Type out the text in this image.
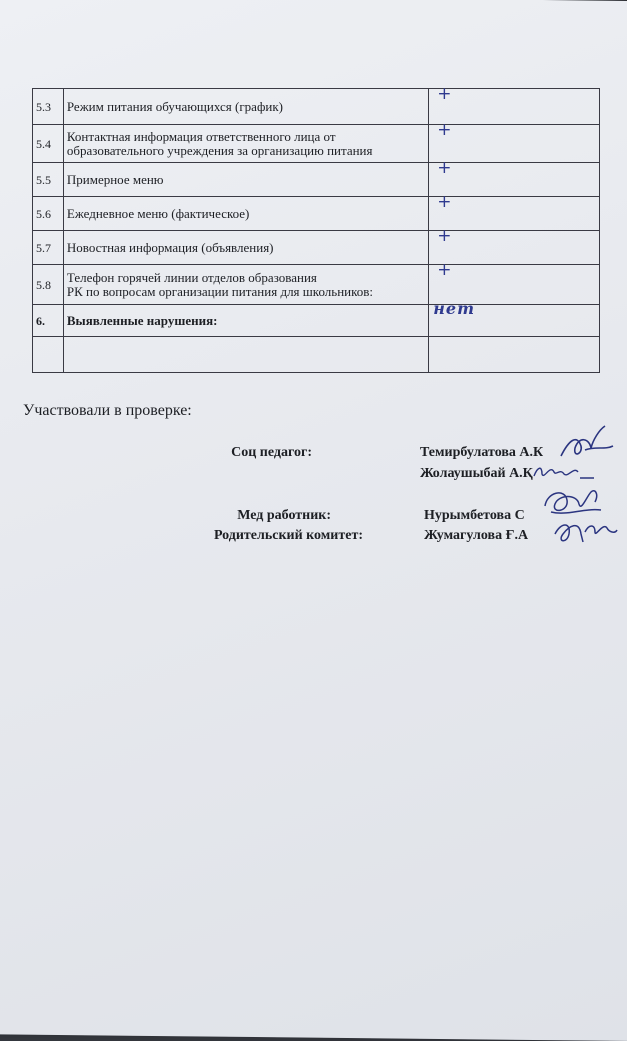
5.3	Режим питания обучающихся (график)	+

5.4	Контактная информация ответственного лица от
образовательного учреждения за организацию питания	+

5.5	Примерное меню	+

5.6	Ежедневное меню (фактическое)	+

5.7	Новостная информация (объявления)	+

5.8	Телефон горячей линии отделов образования
РК по вопросам организации питания для школьников:	+

6.	Выявленные нарушения:	нет

Участвовали в проверке:
Соц педагог:	Темирбулатова А.К
Жолаушыбай А.Қ
Мед работник:	Нурымбетова С
Родительский комитет:	Жумагулова Ғ.А
